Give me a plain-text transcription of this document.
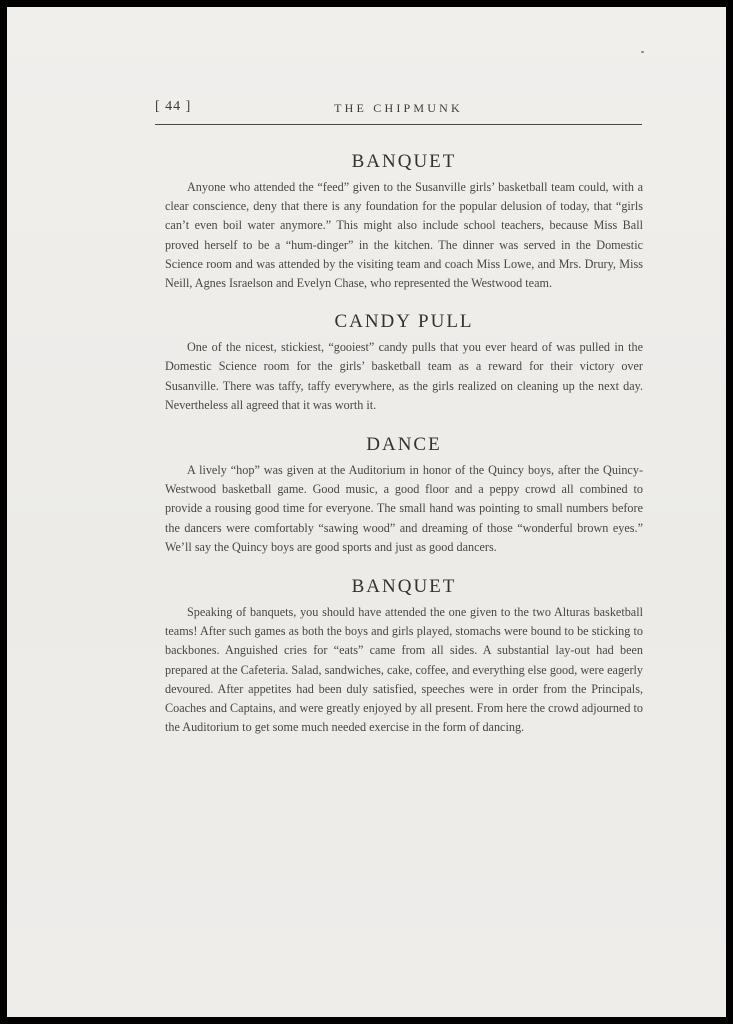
[ 44 ]	THE CHIPMUNK
BANQUET

Anyone who attended the “feed” given to the Susanville girls’ basketball team could, with a clear conscience, deny that there is any foundation for the popular delusion of today, that “girls can’t even boil water anymore.” This might also include school teachers, because Miss Ball proved herself to be a “hum-dinger” in the kitchen. The dinner was served in the Domestic Science room and was attended by the visiting team and coach Miss Lowe, and Mrs. Drury, Miss Neill, Agnes Israelson and Evelyn Chase, who represented the Westwood team.

CANDY PULL

One of the nicest, stickiest, “gooiest” candy pulls that you ever heard of was pulled in the Domestic Science room for the girls’ basketball team as a reward for their victory over Susanville. There was taffy, taffy everywhere, as the girls realized on cleaning up the next day. Nevertheless all agreed that it was worth it.

DANCE

A lively “hop” was given at the Auditorium in honor of the Quincy boys, after the Quincy-Westwood basketball game. Good music, a good floor and a peppy crowd all combined to provide a rousing good time for everyone. The small hand was pointing to small numbers before the dancers were comfortably “sawing wood” and dreaming of those “wonderful brown eyes.” We’ll say the Quincy boys are good sports and just as good dancers.

BANQUET

Speaking of banquets, you should have attended the one given to the two Alturas basketball teams! After such games as both the boys and girls played, stomachs were bound to be sticking to backbones. Anguished cries for “eats” came from all sides. A substantial lay-out had been prepared at the Cafeteria. Salad, sandwiches, cake, coffee, and everything else good, were eagerly devoured. After appetites had been duly satisfied, speeches were in order from the Principals, Coaches and Captains, and were greatly enjoyed by all present. From here the crowd adjourned to the Auditorium to get some much needed exercise in the form of dancing.
